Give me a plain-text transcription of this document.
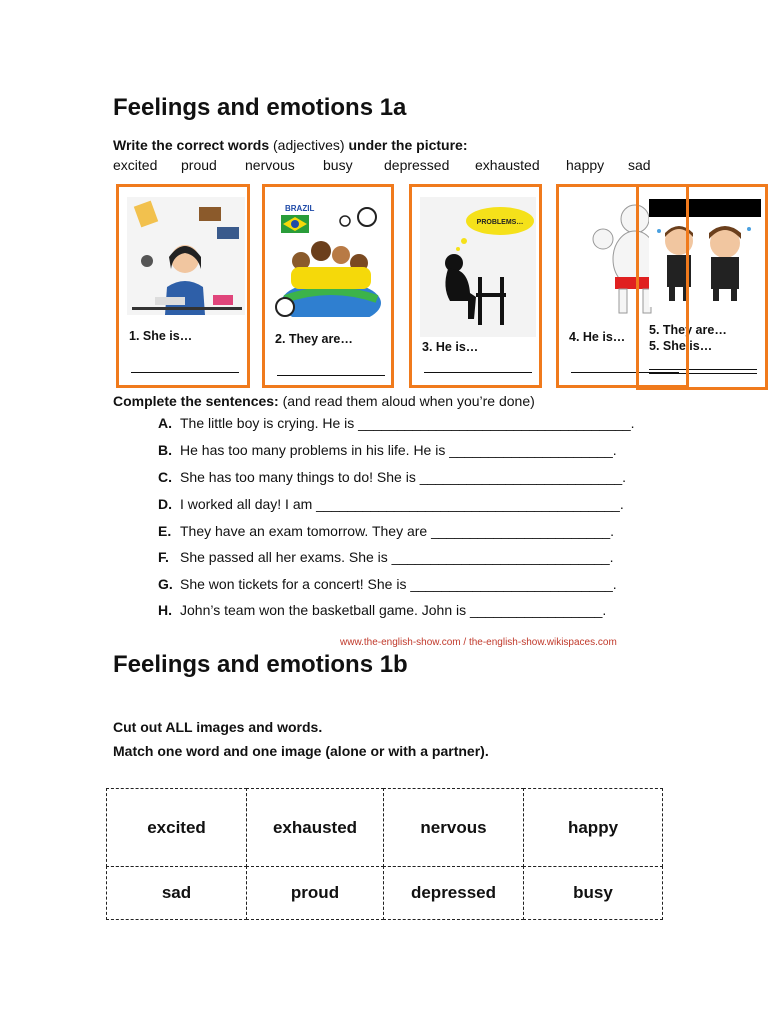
Feelings and emotions 1a
Write the correct words (adjectives) under the picture:
excited proud nervous busy depressed exhausted happy sad
1. She is…
BRAZIL
2. They are…
PROBLEMS…
3. He is…
4. He is… 5. They are…
5. She is…
Complete the sentences: (and read them aloud when you’re done)
A. The little boy is crying. He is ___________________________________.
B. He has too many problems in his life. He is _____________________.
C. She has too many things to do! She is __________________________.
D. I worked all day! I am _______________________________________.
E. They have an exam tomorrow. They are _______________________.
F. She passed all her exams. She is ____________________________.
G. She won tickets for a concert! She is __________________________.
H. John’s team won the basketball game. John is _________________.
www.the-english-show.com / the-english-show.wikispaces.com
Feelings and emotions 1b
Cut out ALL images and words.
Match one word and one image (alone or with a partner).
excited	exhausted	nervous	happy
sad	proud	depressed	busy
